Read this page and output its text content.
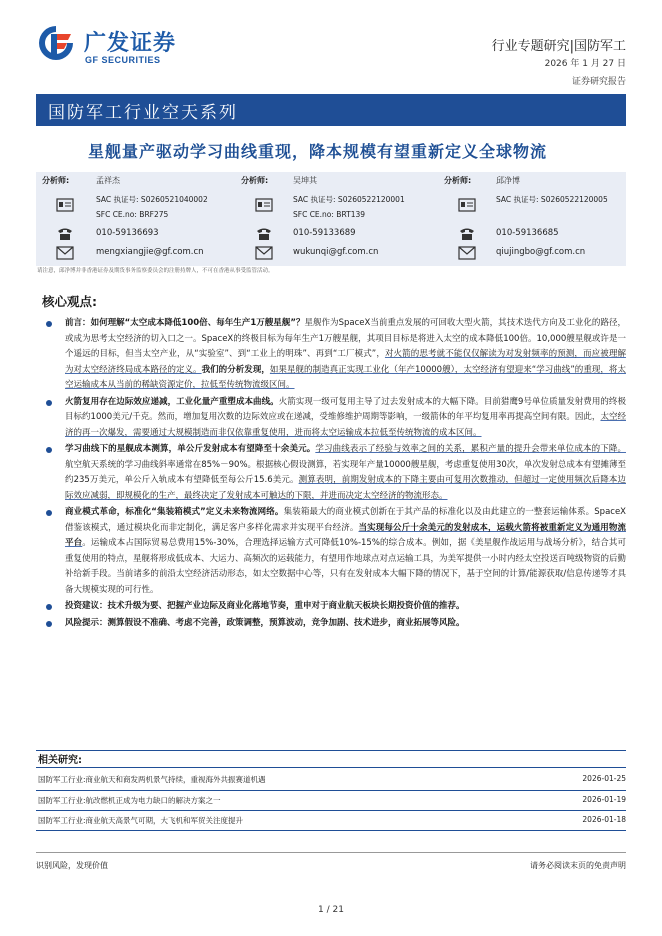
广发证券
GF SECURITIES
行业专题研究|国防军工
2026 年 1 月 27 日
证券研究报告
国防军工行业空天系列
星舰量产驱动学习曲线重现，降本规模有望重新定义全球物流
分析师:	孟祥杰
SAC 执证号: S0260521040002
SFC CE.no: BRF275
010-59136693
mengxiangjie@gf.com.cn
分析师:	吴坤其
SAC 执证号: S0260522120001
SFC CE.no: BRT139
010-59133689
wukunqi@gf.com.cn
分析师:	邱净博
SAC 执证号: S0260522120005
010-59136685
qiujingbo@gf.com.cn
请注意，邱净博并非香港证券及期货事务监察委员会的注册持牌人，不可在香港从事受监管活动。
核心观点:
前言：如何理解“太空成本降低100倍、每年生产1万艘星舰”？星舰作为SpaceX当前重点发展的可回收大型火箭，其技术迭代方向及工业化的路径，或成为思考太空经济的切入口之一。SpaceX的终极目标为每年生产1万艘星舰，其项目目标是将进入太空的成本降低100倍。10,000艘星舰或许是一个遥远的目标，但当太空产业，从“实验室”、到“工业上的明珠”、再到“工厂模式”，对火箭的思考就不能仅仅解读为对发射频率的预测，而应被理解为对太空经济终局成本路径的定义。我们的分析发现，如果星舰的制造真正实现工业化（年产10000艘），太空经济有望迎来“学习曲线”的重现，将太空运输成本从当前的稀缺资源定价，拉低至传统物流级区间。
火箭复用存在边际效应递减，工业化量产重塑成本曲线。火箭实现一级可复用主导了过去发射成本的大幅下降。目前猎鹰9号单位质量发射费用的终极目标约1000美元/千克。然而，增加复用次数的边际效应或在递减，受维修维护周期等影响，一级箭体的年平均复用率再提高空间有限。因此，太空经济的再一次爆发，需要通过大规模制造而非仅依靠重复使用，进而将太空运输成本拉低至传统物流的成本区间。
学习曲线下的星舰成本测算，单公斤发射成本有望降至十余美元。学习曲线表示了经验与效率之间的关系，累积产量的提升会带来单位成本的下降。航空航天系统的学习曲线斜率通常在85%－90%。根据核心假设测算，若实现年产量10000艘星舰，考虑重复使用30次，单次发射总成本有望摊薄至约235万美元，单公斤入轨成本有望降低至每公斤15.6美元。测算表明，前期发射成本的下降主要由可复用次数推动，但超过一定使用频次后降本边际效应减弱，即规模化的生产，最终决定了发射成本可触达的下限，并进而决定太空经济的物流形态。
商业模式革命，标准化“集装箱模式”定义未来物流网络。集装箱最大的商业模式创新在于其产品的标准化以及由此建立的一整套运输体系。SpaceX借鉴该模式，通过模块化而非定制化，满足客户多样化需求并实现平台经济。当实现每公斤十余美元的发射成本，运载火箭将被重新定义为通用物流平台。运输成本占国际贸易总费用15%-30%，合理选择运输方式可降低10%-15%的综合成本。例如，据《美星舰作战运用与战场分析》，结合其可重复使用的特点，星舰将形成低成本、大运力、高频次的运载能力，有望用作地球点对点运输工具，为美军提供一小时内经太空投送百吨级物资的后勤补给新手段。当前诸多的前沿太空经济活动形态，如太空数据中心等，只有在发射成本大幅下降的情况下，基于空间的计算/能源获取/信息传递等才具备大规模实现的可行性。
投资建议：技术升级为要、把握产业边际及商业化落地节奏，重申对于商业航天板块长期投资价值的推荐。
风险提示：测算假设不准确、考虑不完善，政策调整，预算波动，竞争加剧、技术进步，商业拓展等风险。
相关研究:
国防军工行业:商业航天和商发两机景气持续，重视海外共振赛道机遇	2026-01-25
国防军工行业:航改燃机正成为电力缺口的解决方案之一	2026-01-19
国防军工行业:商业航天高景气可期，大飞机和军贸关注度提升	2026-01-18
识别风险，发现价值	请务必阅读末页的免责声明
1 / 21
